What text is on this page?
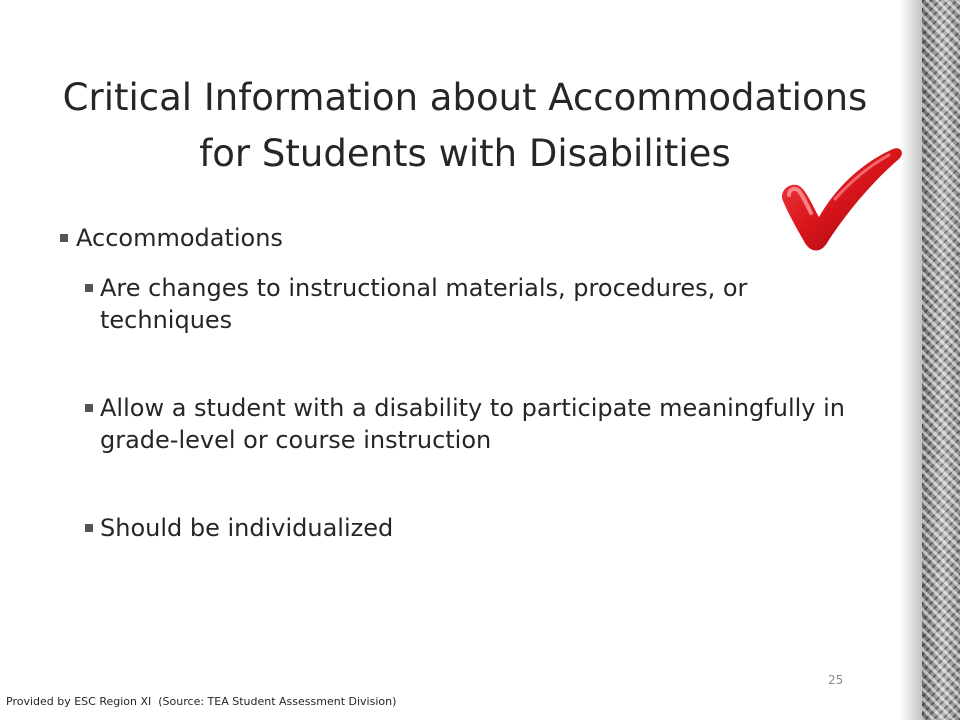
Critical Information about Accommodations
for Students with Disabilities
Accommodations
Are changes to instructional materials, procedures, or techniques
Allow a student with a disability to participate meaningfully in grade-level or course instruction
Should be individualized
25
Provided by ESC Region XI  (Source: TEA Student Assessment Division)
